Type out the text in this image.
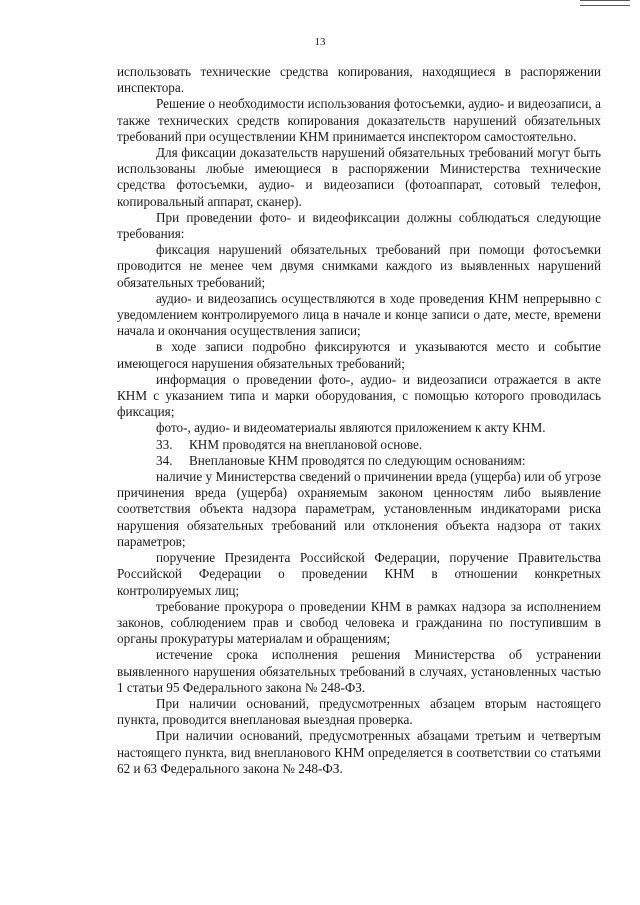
13

использовать технические средства копирования, находящиеся в распоряжении инспектора.

Решение о необходимости использования фотосъемки, аудио- и видеозаписи, а также технических средств копирования доказательств нарушений обязательных требований при осуществлении КНМ принимается инспектором самостоятельно.

Для фиксации доказательств нарушений обязательных требований могут быть использованы любые имеющиеся в распоряжении Министерства технические средства фотосъемки, аудио- и видеозаписи (фотоаппарат, сотовый телефон, копировальный аппарат, сканер).

При проведении фото- и видеофиксации должны соблюдаться следующие требования:

фиксация нарушений обязательных требований при помощи фотосъемки проводится не менее чем двумя снимками каждого из выявленных нарушений обязательных требований;

аудио- и видеозапись осуществляются в ходе проведения КНМ непрерывно с уведомлением контролируемого лица в начале и конце записи о дате, месте, времени начала и окончания осуществления записи;

в ходе записи подробно фиксируются и указываются место и событие имеющегося нарушения обязательных требований;

информация о проведении фото-, аудио- и видеозаписи отражается в акте КНМ с указанием типа и марки оборудования, с помощью которого проводилась фиксация;

фото-, аудио- и видеоматериалы являются приложением к акту КНМ.

33. КНМ проводятся на внеплановой основе.

34. Внеплановые КНМ проводятся по следующим основаниям:

наличие у Министерства сведений о причинении вреда (ущерба) или об угрозе причинения вреда (ущерба) охраняемым законом ценностям либо выявление соответствия объекта надзора параметрам, установленным индикаторами риска нарушения обязательных требований или отклонения объекта надзора от таких параметров;

поручение Президента Российской Федерации, поручение Правительства Российской Федерации о проведении КНМ в отношении конкретных контролируемых лиц;

требование прокурора о проведении КНМ в рамках надзора за исполнением законов, соблюдением прав и свобод человека и гражданина по поступившим в органы прокуратуры материалам и обращениям;

истечение срока исполнения решения Министерства об устранении выявленного нарушения обязательных требований в случаях, установленных частью 1 статьи 95 Федерального закона № 248-ФЗ.

При наличии оснований, предусмотренных абзацем вторым настоящего пункта, проводится внеплановая выездная проверка.

При наличии оснований, предусмотренных абзацами третьим и четвертым настоящего пункта, вид внепланового КНМ определяется в соответствии со статьями 62 и 63 Федерального закона № 248-ФЗ.
